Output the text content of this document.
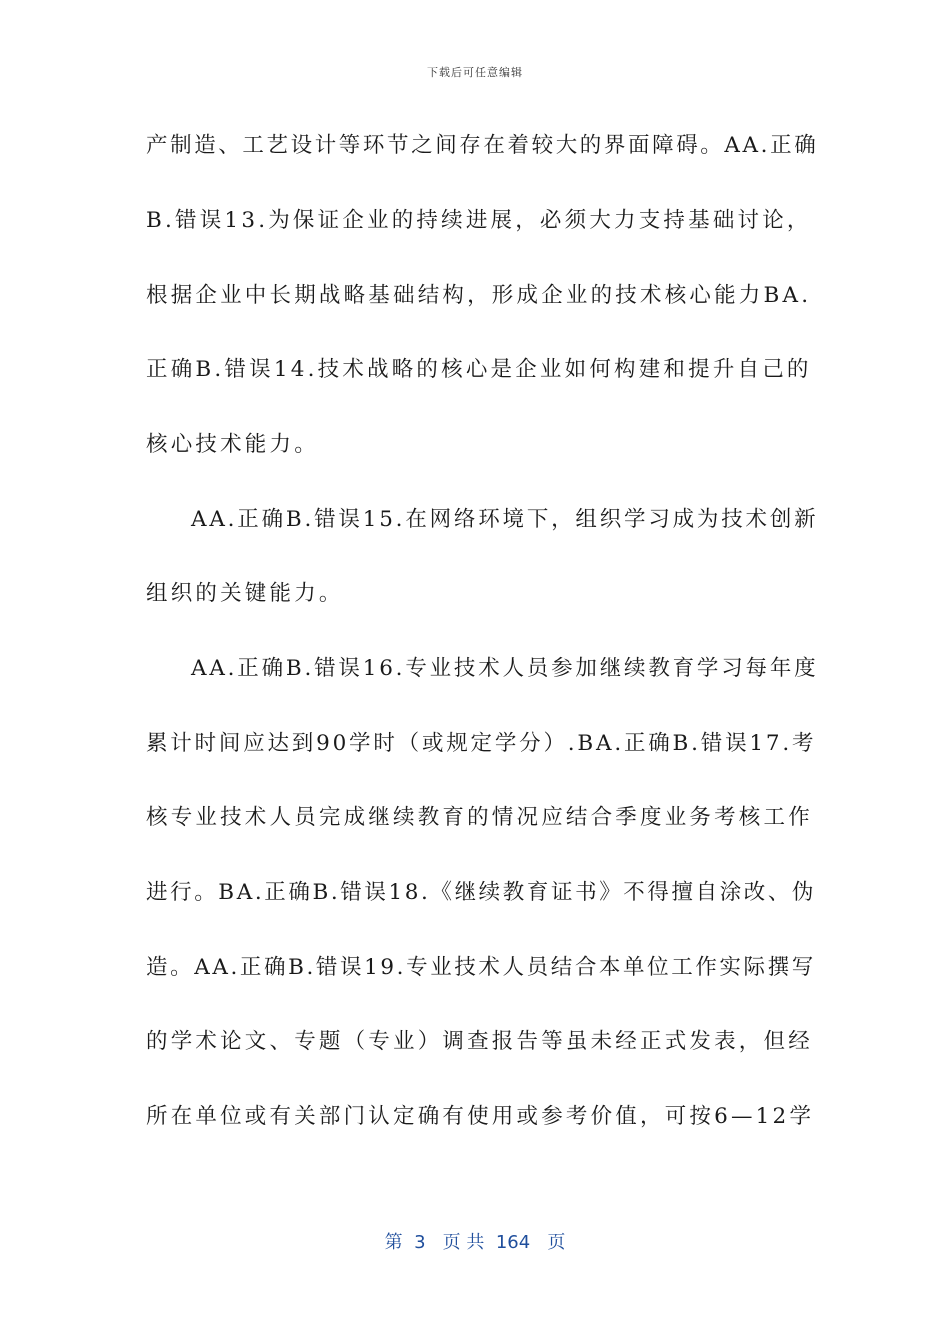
下载后可任意编辑
产制造、工艺设计等环节之间存在着较大的界面障碍。AA.正确
B.错误13.为保证企业的持续进展，必须大力支持基础讨论，
根据企业中长期战略基础结构，形成企业的技术核心能力BA.
正确B.错误14.技术战略的核心是企业如何构建和提升自己的
核心技术能力。
AA.正确B.错误15.在网络环境下，组织学习成为技术创新
组织的关键能力。
AA.正确B.错误16.专业技术人员参加继续教育学习每年度
累计时间应达到90学时（或规定学分）.BA.正确B.错误17.考
核专业技术人员完成继续教育的情况应结合季度业务考核工作
进行。BA.正确B.错误18.《继续教育证书》不得擅自涂改、伪
造。AA.正确B.错误19.专业技术人员结合本单位工作实际撰写
的学术论文、专题（专业）调查报告等虽未经正式发表，但经
所在单位或有关部门认定确有使用或参考价值，可按6—12学
第  3   页 共  164   页
